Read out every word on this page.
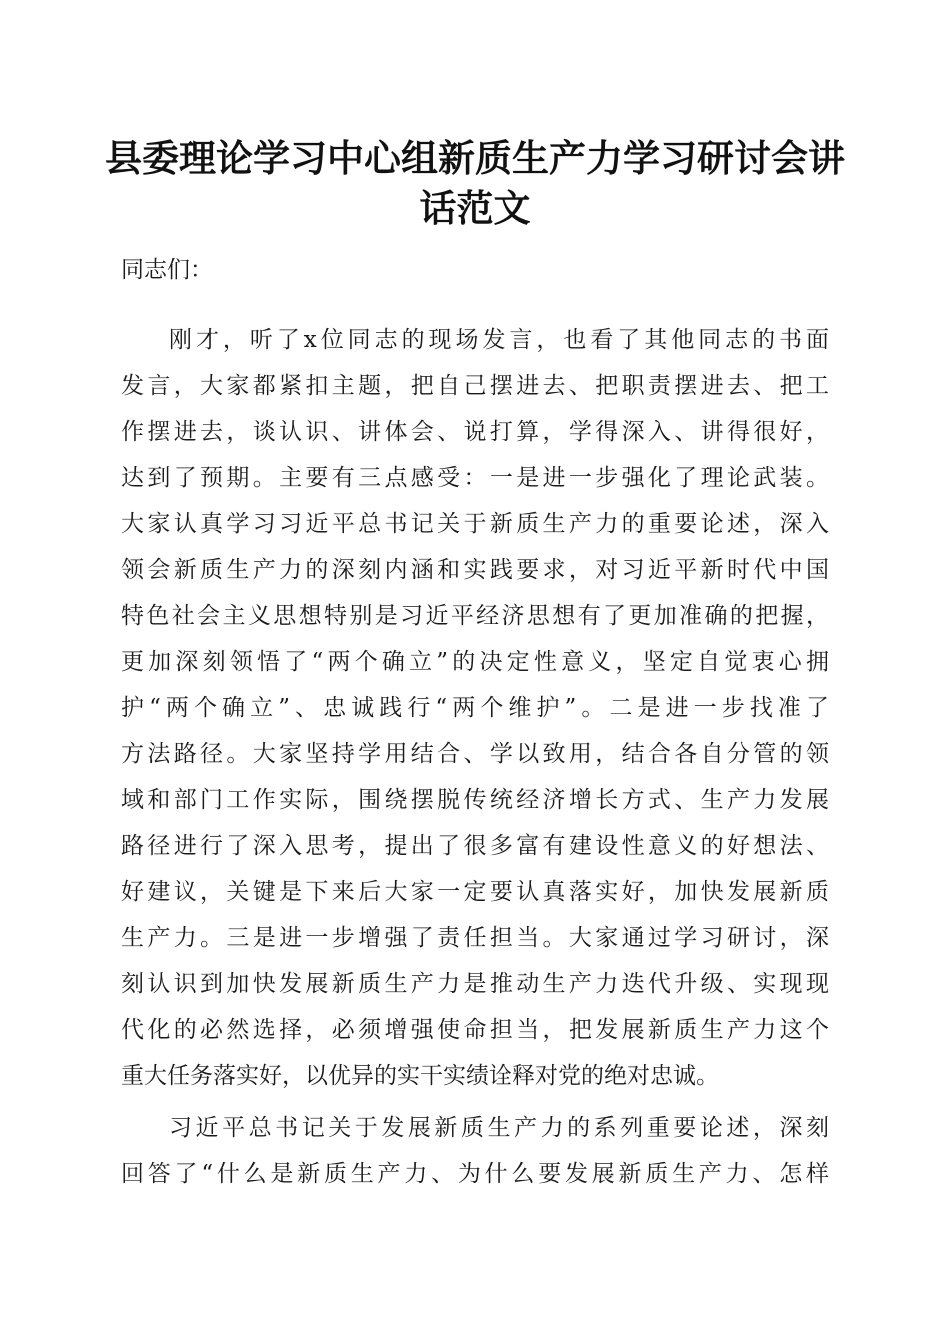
县委理论学习中心组新质生产力学习研讨会讲
话范文

同志们：

刚才，听了x位同志的现场发言，也看了其他同志的书面

发言，大家都紧扣主题，把自己摆进去、把职责摆进去、把工

作摆进去，谈认识、讲体会、说打算，学得深入、讲得很好，

达到了预期。主要有三点感受：一是进一步强化了理论武装。

大家认真学习习近平总书记关于新质生产力的重要论述，深入

领会新质生产力的深刻内涵和实践要求，对习近平新时代中国

特色社会主义思想特别是习近平经济思想有了更加准确的把握，

更加深刻领悟了“两个确立”的决定性意义，坚定自觉衷心拥

护“两个确立”、忠诚践行“两个维护”。二是进一步找准了

方法路径。大家坚持学用结合、学以致用，结合各自分管的领

域和部门工作实际，围绕摆脱传统经济增长方式、生产力发展

路径进行了深入思考，提出了很多富有建设性意义的好想法、

好建议，关键是下来后大家一定要认真落实好，加快发展新质

生产力。三是进一步增强了责任担当。大家通过学习研讨，深

刻认识到加快发展新质生产力是推动生产力迭代升级、实现现

代化的必然选择，必须增强使命担当，把发展新质生产力这个

重大任务落实好，以优异的实干实绩诠释对党的绝对忠诚。

习近平总书记关于发展新质生产力的系列重要论述，深刻

回答了“什么是新质生产力、为什么要发展新质生产力、怎样
